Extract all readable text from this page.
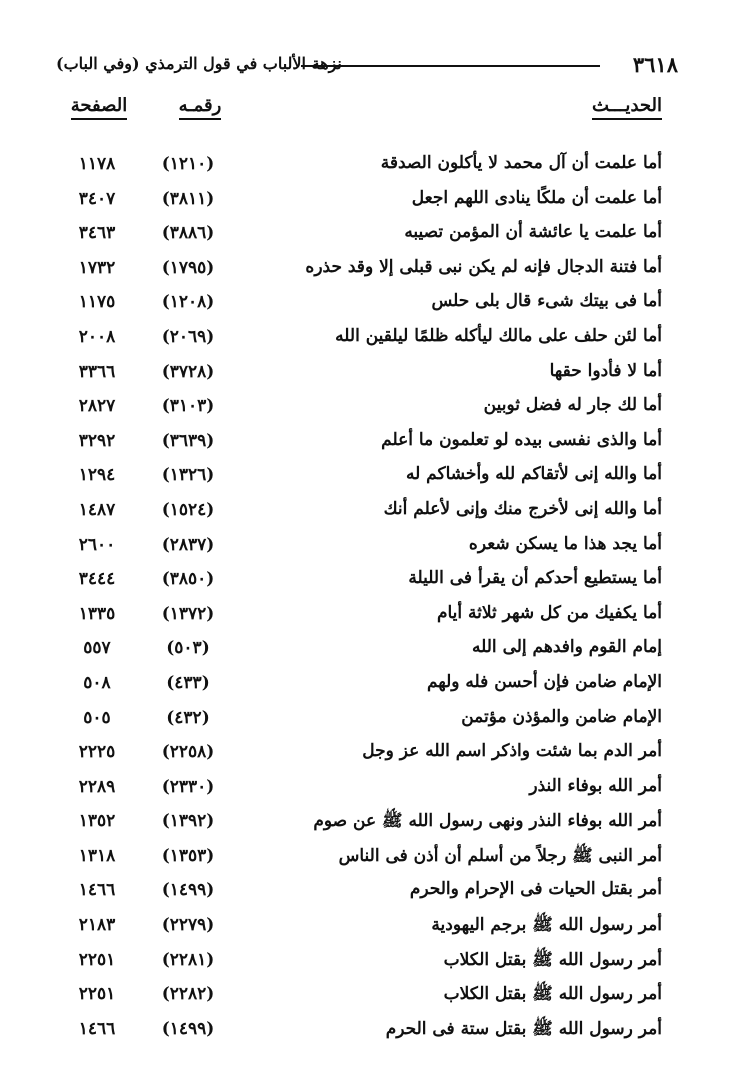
٣٦١٨
نزهة الألباب في قول الترمذي (وفي الباب)
الحديـــث
رقمـه
الصفحة
أما علمت أن آل محمد لا يأكلون الصدقة
(١٢١٠)
١١٧٨
أما علمت أن ملكًا ينادى اللهم اجعل
(٣٨١١)
٣٤٠٧
أما علمت يا عائشة أن المؤمن تصيبه
(٣٨٨٦)
٣٤٦٣
أما فتنة الدجال فإنه لم يكن نبى قبلى إلا وقد حذره
(١٧٩٥)
١٧٣٢
أما فى بيتك شىء قال بلى حلس
(١٢٠٨)
١١٧٥
أما لئن حلف على مالك ليأكله ظلمًا ليلقين الله
(٢٠٦٩)
٢٠٠٨
أما لا فأدوا حقها
(٣٧٢٨)
٣٣٦٦
أما لك جار له فضل ثوبين
(٣١٠٣)
٢٨٢٧
أما والذى نفسى بيده لو تعلمون ما أعلم
(٣٦٣٩)
٣٢٩٢
أما والله إنى لأتقاكم لله وأخشاكم له
(١٣٢٦)
١٢٩٤
أما والله إنى لأخرج منك وإنى لأعلم أنك
(١٥٢٤)
١٤٨٧
أما يجد هذا ما يسكن شعره
(٢٨٣٧)
٢٦٠٠
أما يستطيع أحدكم أن يقرأ فى الليلة
(٣٨٥٠)
٣٤٤٤
أما يكفيك من كل شهر ثلاثة أيام
(١٣٧٢)
١٣٣٥
إمام القوم وافدهم إلى الله
(٥٠٣)
٥٥٧
الإمام ضامن فإن أحسن فله ولهم
(٤٣٣)
٥٠٨
الإمام ضامن والمؤذن مؤتمن
(٤٣٢)
٥٠٥
أمر الدم بما شئت واذكر اسم الله عز وجل
(٢٢٥٨)
٢٢٢٥
أمر الله بوفاء النذر
(٢٣٣٠)
٢٢٨٩
أمر الله بوفاء النذر ونهى رسول الله ﷺ عن صوم
(١٣٩٢)
١٣٥٢
أمر النبى ﷺ رجلاً من أسلم أن أذن فى الناس
(١٣٥٣)
١٣١٨
أمر بقتل الحيات فى الإحرام والحرم
(١٤٩٩)
١٤٦٦
أمر رسول الله ﷺ برجم اليهودية
(٢٢٧٩)
٢١٨٣
أمر رسول الله ﷺ بقتل الكلاب
(٢٢٨١)
٢٢٥١
أمر رسول الله ﷺ بقتل الكلاب
(٢٢٨٢)
٢٢٥١
أمر رسول الله ﷺ بقتل ستة فى الحرم
(١٤٩٩)
١٤٦٦
